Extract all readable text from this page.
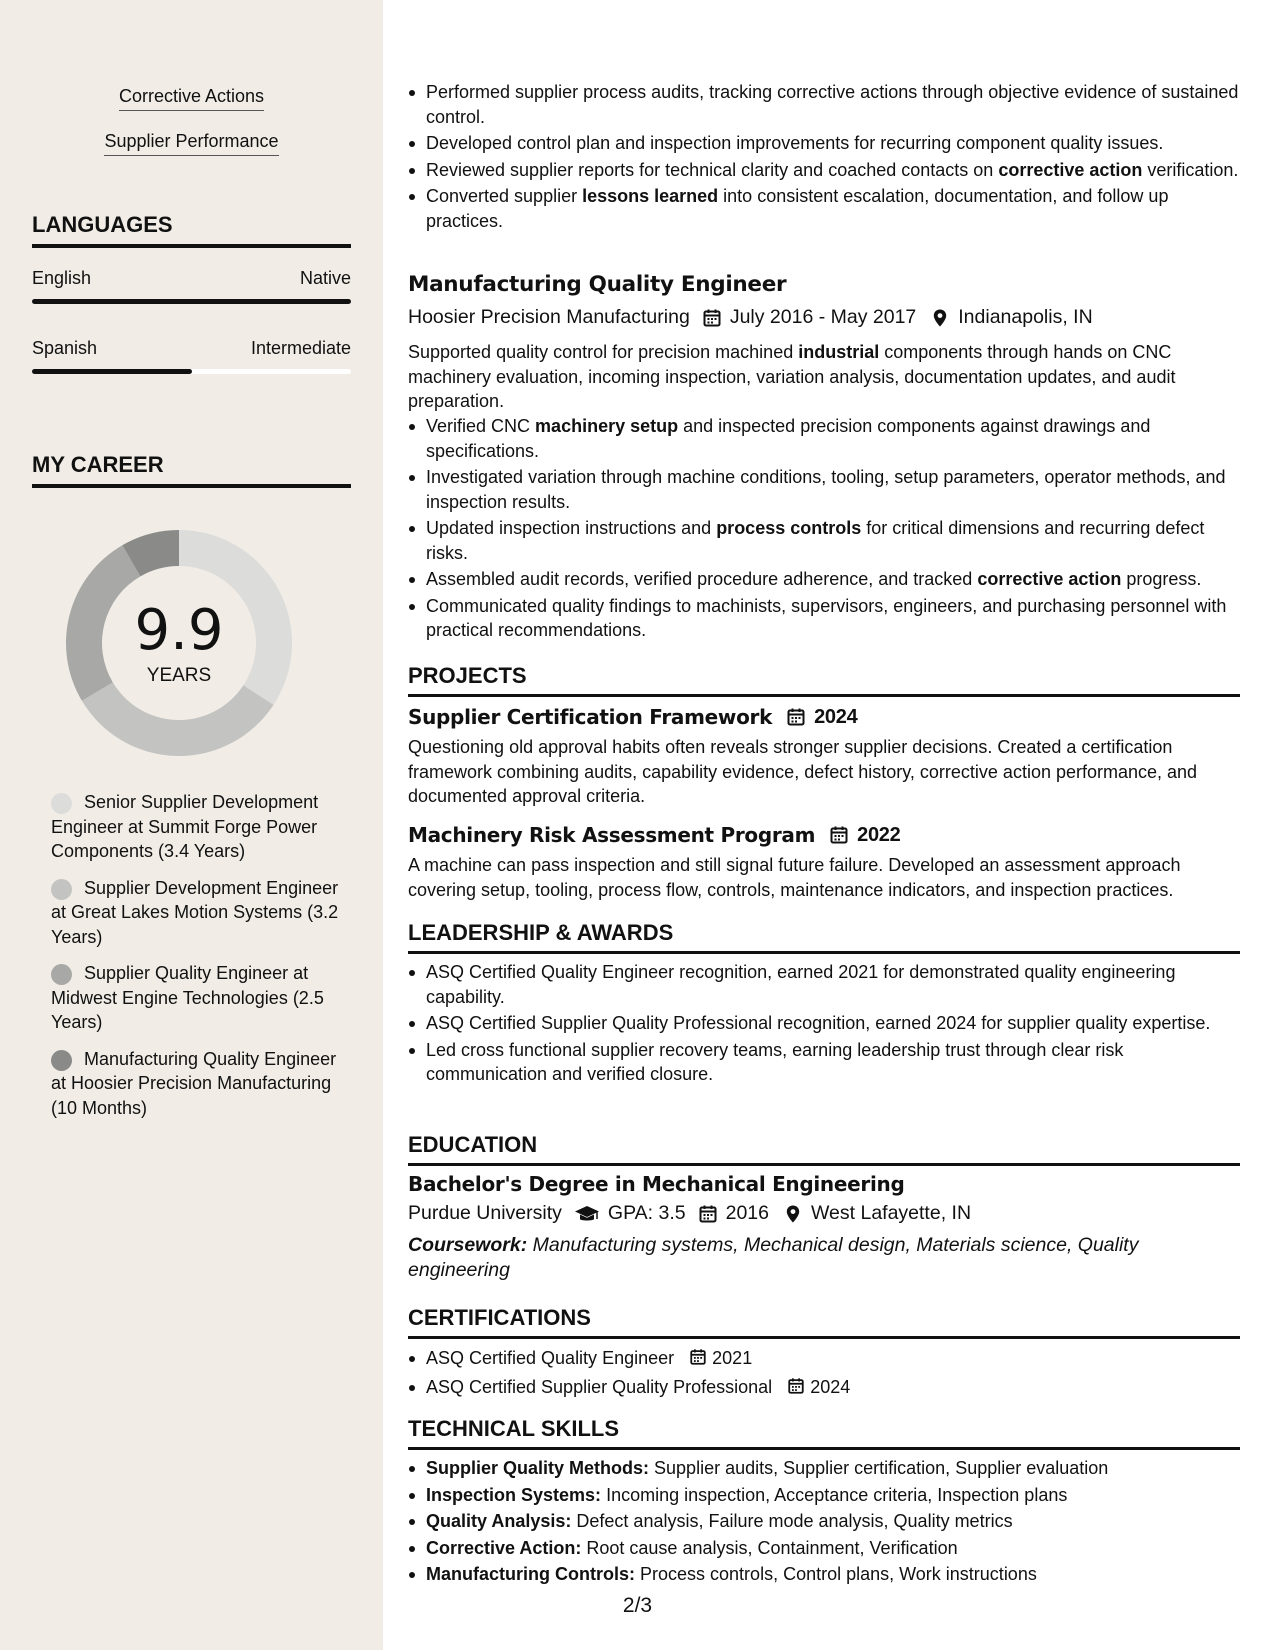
Corrective Actions
Supplier Performance
LANGUAGES
English	Native
Spanish	Intermediate
MY CAREER
9.9
YEARS
Senior Supplier Development Engineer at Summit Forge Power Components (3.4 Years)
Supplier Development Engineer at Great Lakes Motion Systems (3.2 Years)
Supplier Quality Engineer at Midwest Engine Technologies (2.5 Years)
Manufacturing Quality Engineer at Hoosier Precision Manufacturing (10 Months)
Performed supplier process audits, tracking corrective actions through objective evidence of sustained control.
Developed control plan and inspection improvements for recurring component quality issues.
Reviewed supplier reports for technical clarity and coached contacts on corrective action verification.
Converted supplier lessons learned into consistent escalation, documentation, and follow up practices.
Manufacturing Quality Engineer
Hoosier Precision Manufacturing July 2016 - May 2017 Indianapolis, IN
Supported quality control for precision machined industrial components through hands on CNC machinery evaluation, incoming inspection, variation analysis, documentation updates, and audit preparation.
Verified CNC machinery setup and inspected precision components against drawings and specifications.
Investigated variation through machine conditions, tooling, setup parameters, operator methods, and inspection results.
Updated inspection instructions and process controls for critical dimensions and recurring defect risks.
Assembled audit records, verified procedure adherence, and tracked corrective action progress.
Communicated quality findings to machinists, supervisors, engineers, and purchasing personnel with practical recommendations.
PROJECTS
Supplier Certification Framework 2024
Questioning old approval habits often reveals stronger supplier decisions. Created a certification framework combining audits, capability evidence, defect history, corrective action performance, and documented approval criteria.
Machinery Risk Assessment Program 2022
A machine can pass inspection and still signal future failure. Developed an assessment approach covering setup, tooling, process flow, controls, maintenance indicators, and inspection practices.
LEADERSHIP & AWARDS
ASQ Certified Quality Engineer recognition, earned 2021 for demonstrated quality engineering capability.
ASQ Certified Supplier Quality Professional recognition, earned 2024 for supplier quality expertise.
Led cross functional supplier recovery teams, earning leadership trust through clear risk communication and verified closure.
EDUCATION
Bachelor's Degree in Mechanical Engineering
Purdue University GPA: 3.5 2016 West Lafayette, IN
Coursework: Manufacturing systems, Mechanical design, Materials science, Quality engineering
CERTIFICATIONS
ASQ Certified Quality Engineer 2021
ASQ Certified Supplier Quality Professional 2024
TECHNICAL SKILLS
Supplier Quality Methods: Supplier audits, Supplier certification, Supplier evaluation
Inspection Systems: Incoming inspection, Acceptance criteria, Inspection plans
Quality Analysis: Defect analysis, Failure mode analysis, Quality metrics
Corrective Action: Root cause analysis, Containment, Verification
Manufacturing Controls: Process controls, Control plans, Work instructions
2/3
